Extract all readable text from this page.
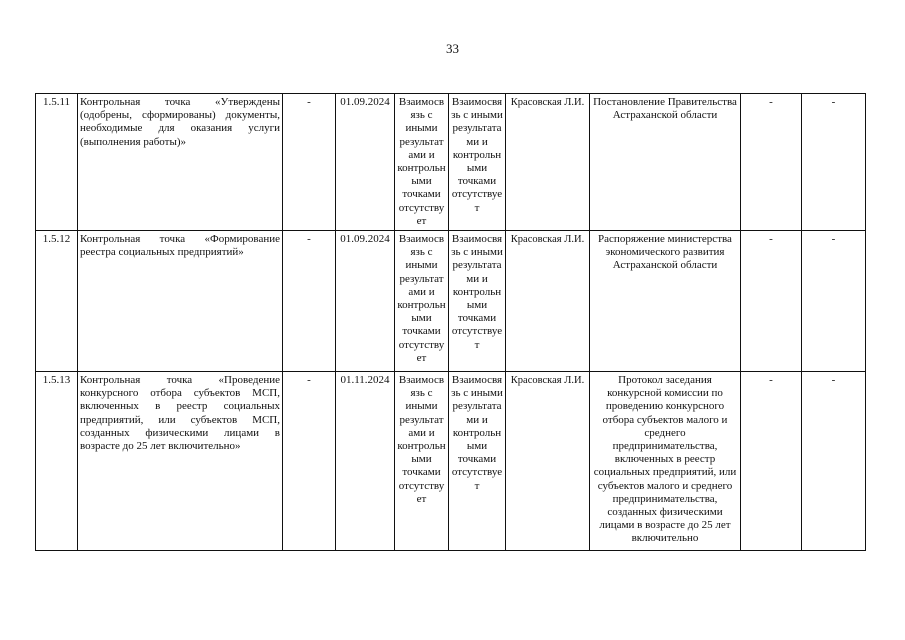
33
1.5.11	Контрольная точка «Утверждены (одобрены, сформированы) документы, необходимые для оказания услуги (выполнения работы)»	-	01.09.2024	Взаимосвязь с иными результатами и контрольными точками отсутствует	Взаимосвязь с иными результатами и контрольными точками отсутствует	Красовская Л.И.	Постановление Правительства Астраханской области	-	-
1.5.12	Контрольная точка «Формирование реестра социальных предприятий»	-	01.09.2024	Взаимосвязь с иными результатами и контрольными точками отсутствует	Взаимосвязь с иными результатами и контрольными точками отсутствует	Красовская Л.И.	Распоряжение министерства экономического развития Астраханской области	-	-
1.5.13	Контрольная точка «Проведение конкурсного отбора субъектов МСП, включенных в реестр социальных предприятий, или субъектов МСП, созданных физическими лицами в возрасте до 25 лет включительно»	-	01.11.2024	Взаимосвязь с иными результатами и контрольными точками отсутствует	Взаимосвязь с иными результатами и контрольными точками отсутствует	Красовская Л.И.	Протокол заседания конкурсной комиссии по проведению конкурсного отбора субъектов малого и среднего предпринимательства, включенных в реестр социальных предприятий, или субъектов малого и среднего предпринимательства, созданных физическими лицами в возрасте до 25 лет включительно	-	-
